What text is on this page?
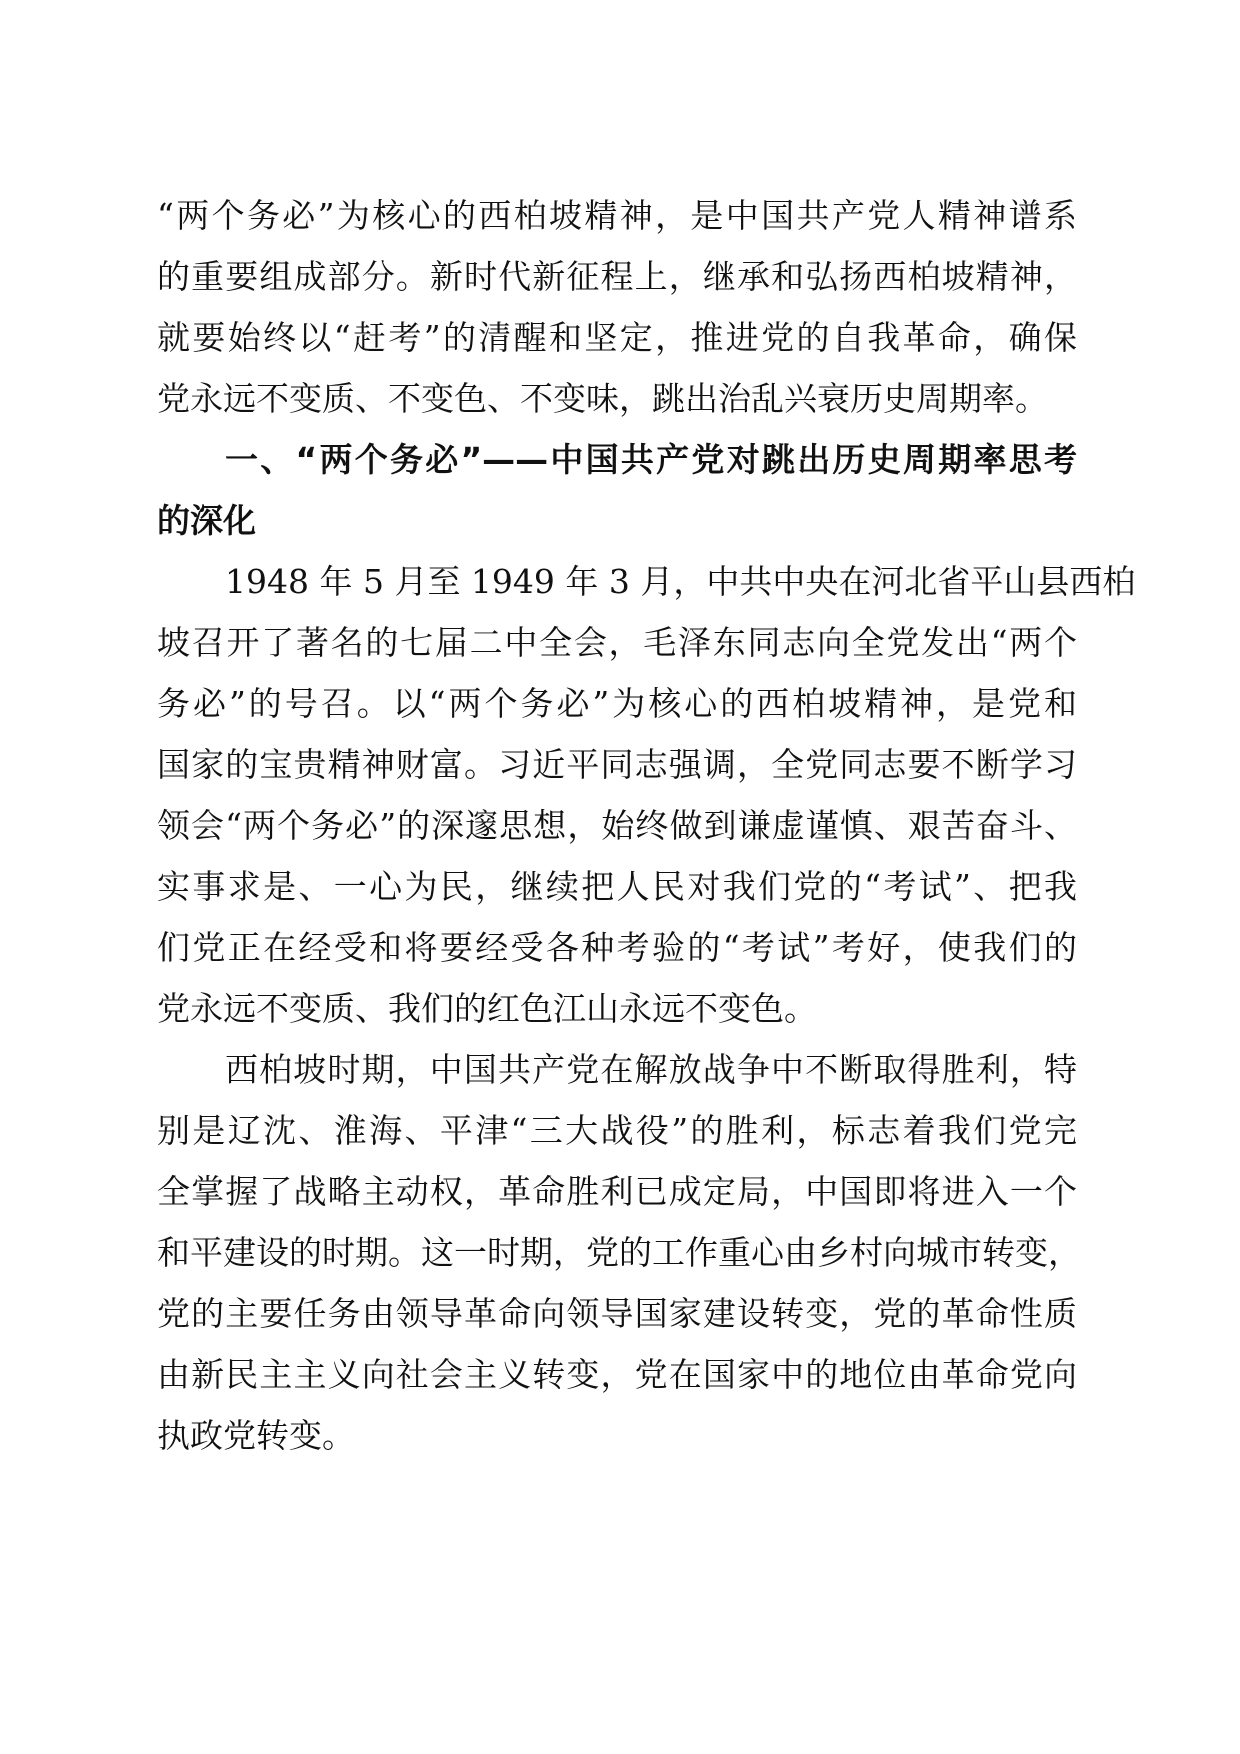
“两个务必”为核心的西柏坡精神，是中国共产党人精神谱系
的重要组成部分。新时代新征程上，继承和弘扬西柏坡精神，
就要始终以“赶考”的清醒和坚定，推进党的自我革命，确保
党永远不变质、不变色、不变味，跳出治乱兴衰历史周期率。
一、“两个务必”——中国共产党对跳出历史周期率思考
的深化
1948 年 5 月至 1949 年 3 月，中共中央在河北省平山县西柏
坡召开了著名的七届二中全会，毛泽东同志向全党发出“两个
务必”的号召。以“两个务必”为核心的西柏坡精神，是党和
国家的宝贵精神财富。习近平同志强调，全党同志要不断学习
领会“两个务必”的深邃思想，始终做到谦虚谨慎、艰苦奋斗、
实事求是、一心为民，继续把人民对我们党的“考试”、把我
们党正在经受和将要经受各种考验的“考试”考好，使我们的
党永远不变质、我们的红色江山永远不变色。
西柏坡时期，中国共产党在解放战争中不断取得胜利，特
别是辽沈、淮海、平津“三大战役”的胜利，标志着我们党完
全掌握了战略主动权，革命胜利已成定局，中国即将进入一个
和平建设的时期。这一时期，党的工作重心由乡村向城市转变，
党的主要任务由领导革命向领导国家建设转变，党的革命性质
由新民主主义向社会主义转变，党在国家中的地位由革命党向
执政党转变。
